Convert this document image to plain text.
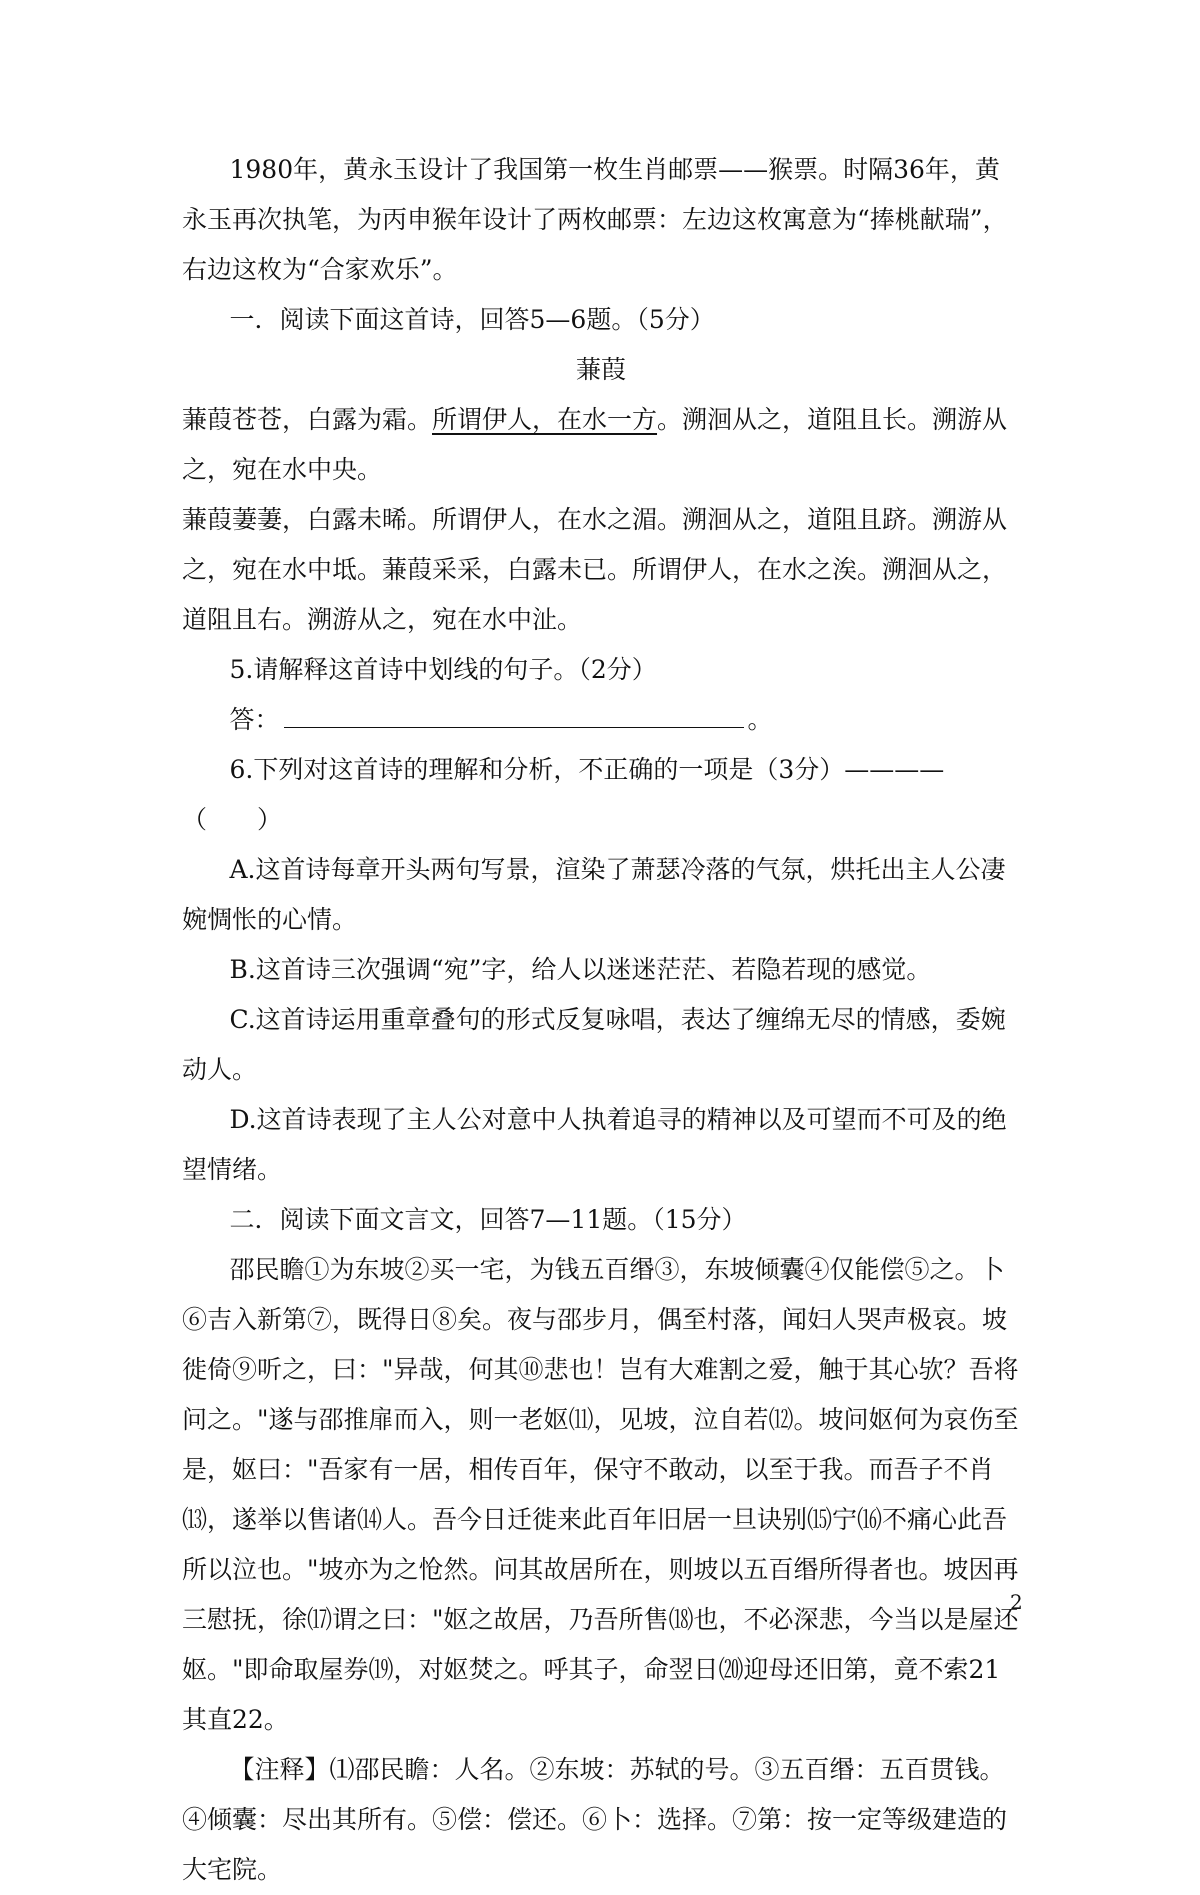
1980年，黄永玉设计了我国第一枚生肖邮票——猴票。时隔36年，黄永玉再次执笔，为丙申猴年设计了两枚邮票：左边这枚寓意为“捧桃献瑞”，右边这枚为“合家欢乐”。

一．阅读下面这首诗，回答5—6题。（5分）

蒹葭

蒹葭苍苍，白露为霜。所谓伊人，在水一方。溯洄从之，道阻且长。溯游从之，宛在水中央。

蒹葭萋萋，白露未晞。所谓伊人，在水之湄。溯洄从之，道阻且跻。溯游从之，宛在水中坻。蒹葭采采，白露未已。所谓伊人，在水之涘。溯洄从之，道阻且右。溯游从之，宛在水中沚。

5.请解释这首诗中划线的句子。（2分）

答：	。

6.下列对这首诗的理解和分析，不正确的一项是（3分）————（　　）

A.这首诗每章开头两句写景，渲染了萧瑟冷落的气氛，烘托出主人公凄婉惆怅的心情。

B.这首诗三次强调“宛”字，给人以迷迷茫茫、若隐若现的感觉。

C.这首诗运用重章叠句的形式反复咏唱，表达了缠绵无尽的情感，委婉动人。

D.这首诗表现了主人公对意中人执着追寻的精神以及可望而不可及的绝望情绪。

二．阅读下面文言文，回答7—11题。（15分）

邵民瞻①为东坡②买一宅，为钱五百缗③，东坡倾囊④仅能偿⑤之。卜⑥吉入新第⑦，既得日⑧矣。夜与邵步月，偶至村落，闻妇人哭声极哀。坡徙倚⑨听之，曰："异哉，何其⑩悲也！岂有大难割之爱，触于其心欤？吾将问之。"遂与邵推扉而入，则一老妪⑾，见坡，泣自若⑿。坡问妪何为哀伤至是，妪曰："吾家有一居，相传百年，保守不敢动，以至于我。而吾子不肖⒀，遂举以售诸⒁人。吾今日迁徙来此百年旧居一旦诀别⒂宁⒃不痛心此吾所以泣也。"坡亦为之怆然。问其故居所在，则坡以五百缗所得者也。坡因再三慰抚，徐⒄谓之曰："妪之故居，乃吾所售⒅也，不必深悲，今当以是屋还妪。"即命取屋券⒆，对妪焚之。呼其子，命翌日⒇迎母还旧第，竟不索21其直22。

【注释】⑴邵民瞻：人名。②东坡：苏轼的号。③五百缗：五百贯钱。④倾囊：尽出其所有。⑤偿：偿还。⑥卜：选择。⑦第：按一定等级建造的大宅院。

2
